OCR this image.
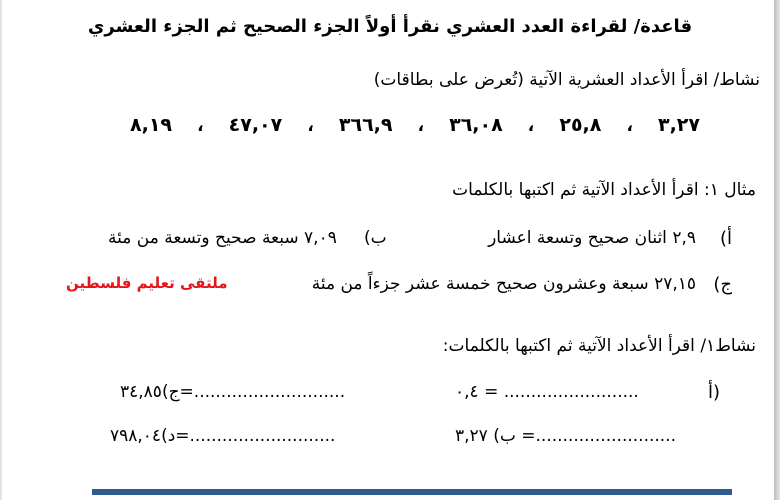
قاعدة/ لقراءة العدد العشري نقرأ أولاً الجزء الصحيح ثم الجزء العشري
نشاط/ اقرأ الأعداد العشرية الآتية (تُعرض على بطاقات)
٨,١٩ ، ٤٧,٠٧ ، ٣٦٦,٩ ، ٣٦,٠٨ ، ٢٥,٨ ، ٣,٢٧
مثال ١: اقرأ الأعداد الآتية ثم اكتبها بالكلمات
أ)
٢,٩ اثنان صحيح وتسعة اعشار
ب)
٧,٠٩ سبعة صحيح وتسعة من مئة
ج)
٢٧,١٥ سبعة وعشرون صحيح خمسة عشر جزءاً من مئة
ملتقى تعليم فلسطين
نشاط١/ اقرأ الأعداد الآتية ثم اكتبها بالكلمات:
٠,٤ = .........................	أ)
ج)٣٤,٨٥=............................
ب) ٣,٢٧ =..........................
د)٧٩٨,٠٤=...........................
